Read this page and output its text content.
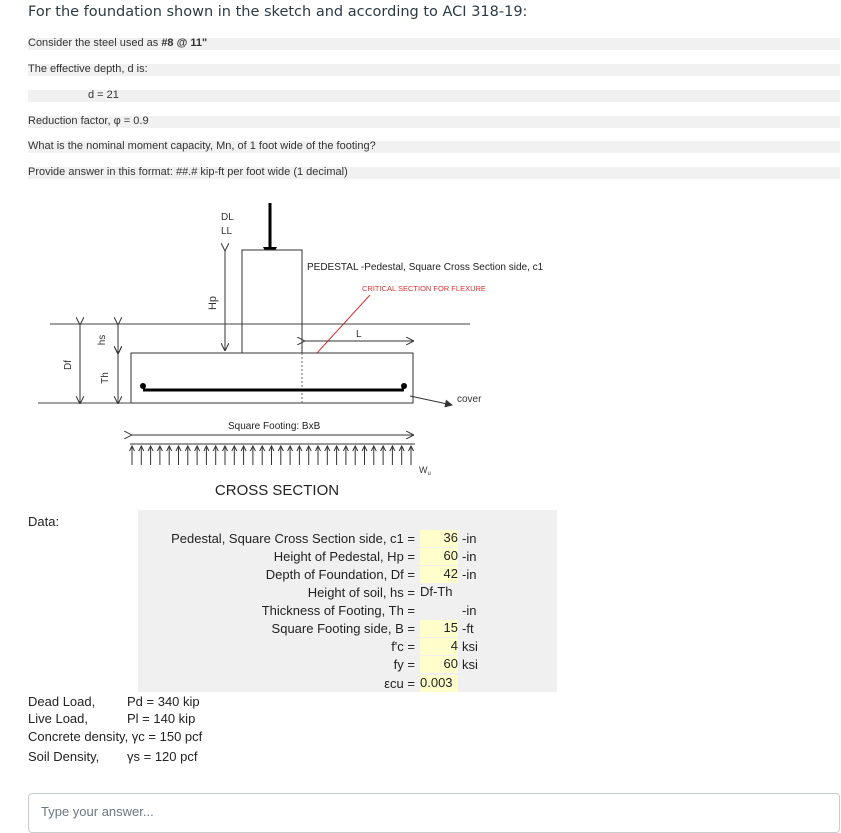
For the foundation shown in the sketch and according to ACI 318-19:
Consider the steel used as #8 @ 11"
The effective depth, d is:
d = 21
Reduction factor, φ = 0.9
What is the nominal moment capacity, Mn, of 1 foot wide of the footing?
Provide answer in this format: ##.# kip-ft per foot wide (1 decimal)
DL
LL
Hp
PEDESTAL -Pedestal, Square Cross Section side, c1
CRITICAL SECTION FOR FLEXURE
L
cover
Df
hs
Th
Square Footing: BxB
$W_u$
CROSS SECTION
Data:
Pedestal, Square Cross Section side, c1 =	36 -in
Height of Pedestal, Hp =	60 -in
Depth of Foundation, Df =	42 -in
Height of soil, hs = Df-Th
Thickness of Footing, Th =	-in
Square Footing side, B =	15 -ft
f'c =	4 ksi
fy =	60 ksi
εcu = 0.003
Dead Load, Pd = 340 kip
Live Load,	Pl = 140 kip
Concrete density, γc = 150 pcf
Soil Density, γs = 120 pcf
Type your answer...
